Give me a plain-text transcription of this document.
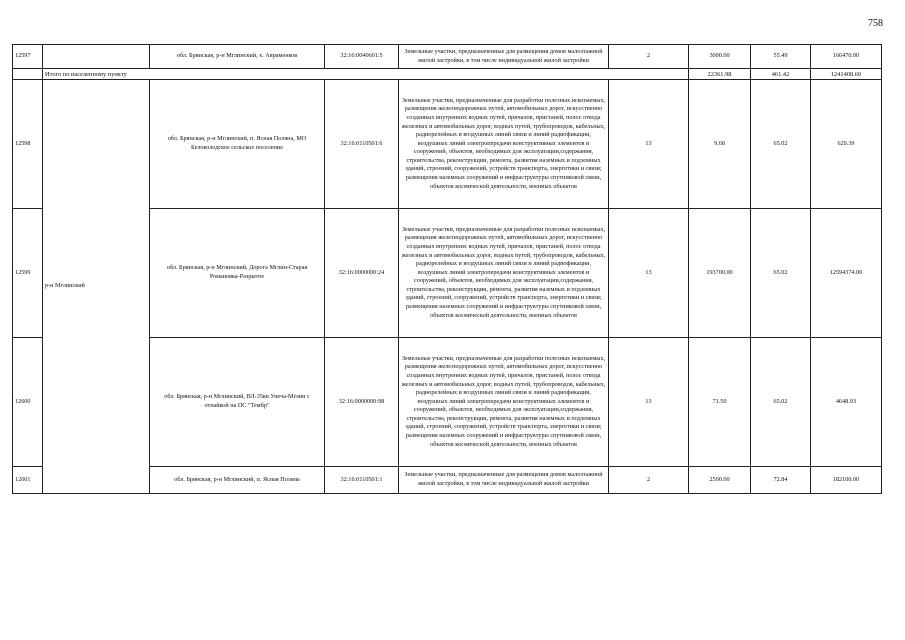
758
12597		обл. Брянская, р-н Мглинский, х. Авраменков	32:16:0040601:5	Земельные участки, предназначенные для размещения домов малоэтажной жилой застройки, в том числе индивидуальной жилой застройки	2	3000.00	55.49	166470.00
	Итого по населенному пункту					22361.98	461.42	1241408.60
12598	р-н Мглинский	обл. Брянская, р-н Мглинский, п. Ясная Поляна, МО Белоколодское сельское поселение	32:16:0110501:6	Земельные участки, предназначенные для разработки полезных ископаемых, размещения железнодорожных путей, автомобильных дорог, искусственно созданных внутренних водных путей, причалов, пристаней, полос отвода железных и автомобильных дорог, водных путей, трубопроводов, кабельных, радиорелейных и воздушных линий связи и линий радиофикации, воздушных линий электропередачи конструктивных элементов и сооружений, объектов, необходимых для эксплуатации,содержания, строительства, реконструкции, ремонта, развития наземных и подземных зданий, строений, сооружений, устройств транспорта, энергетики и связи; размещения наземных сооружений и инфраструктуры спутниковой связи, объектов космической деятельности, военных объектов	13	9.68	65.02	629.39
12599		обл. Брянская, р-н Мглинский, Дорога Мглин-Старая Романовка-Разрытое	32:16:0000000:24	Земельные участки, предназначенные для разработки полезных ископаемых, размещения железнодорожных путей, автомобильных дорог, искусственно созданных внутренних водных путей, причалов, пристаней, полос отвода железных и автомобильных дорог, водных путей, трубопроводов, кабельных, радиорелейных и воздушных линий связи и линий радиофикации, воздушных линий электропередачи конструктивных элементов и сооружений, объектов, необходимых для эксплуатации,содержания, строительства, реконструкции, ремонта, развития наземных и подземных зданий, строений, сооружений, устройств транспорта, энергетики и связи; размещения наземных сооружений и инфраструктуры спутниковой связи, объектов космической деятельности, военных объектов	13	193700.00	65.02	12594374.00
12600		обл. Брянская, р-н Мглинский, ВЛ-35кв Унеча-Мглин с отпайкой на ПС "Тембр"	32:16:0000000:98	Земельные участки, предназначенные для разработки полезных ископаемых, размещения железнодорожных путей, автомобильных дорог, искусственно созданных внутренних водных путей, причалов, пристаней, полос отвода железных и автомобильных дорог, водных путей, трубопроводов, кабельных, радиорелейных и воздушных линий связи и линий радиофикации, воздушных линий электропередачи конструктивных элементов и сооружений, объектов, необходимых для эксплуатации,содержания, строительства, реконструкции, ремонта, развития наземных и подземных зданий, строений, сооружений, устройств транспорта, энергетики и связи; размещения наземных сооружений и инфраструктуры спутниковой связи, объектов космической деятельности, военных объектов	13	71.50	65.02	4648.93
12601		обл. Брянская, р-н Мглинский, п. Ясная Поляна	32:16:0110501:1	Земельные участки, предназначенные для размещения домов малоэтажной жилой застройки, в том числе индивидуальной жилой застройки	2	2500.00	72.84	182100.00
